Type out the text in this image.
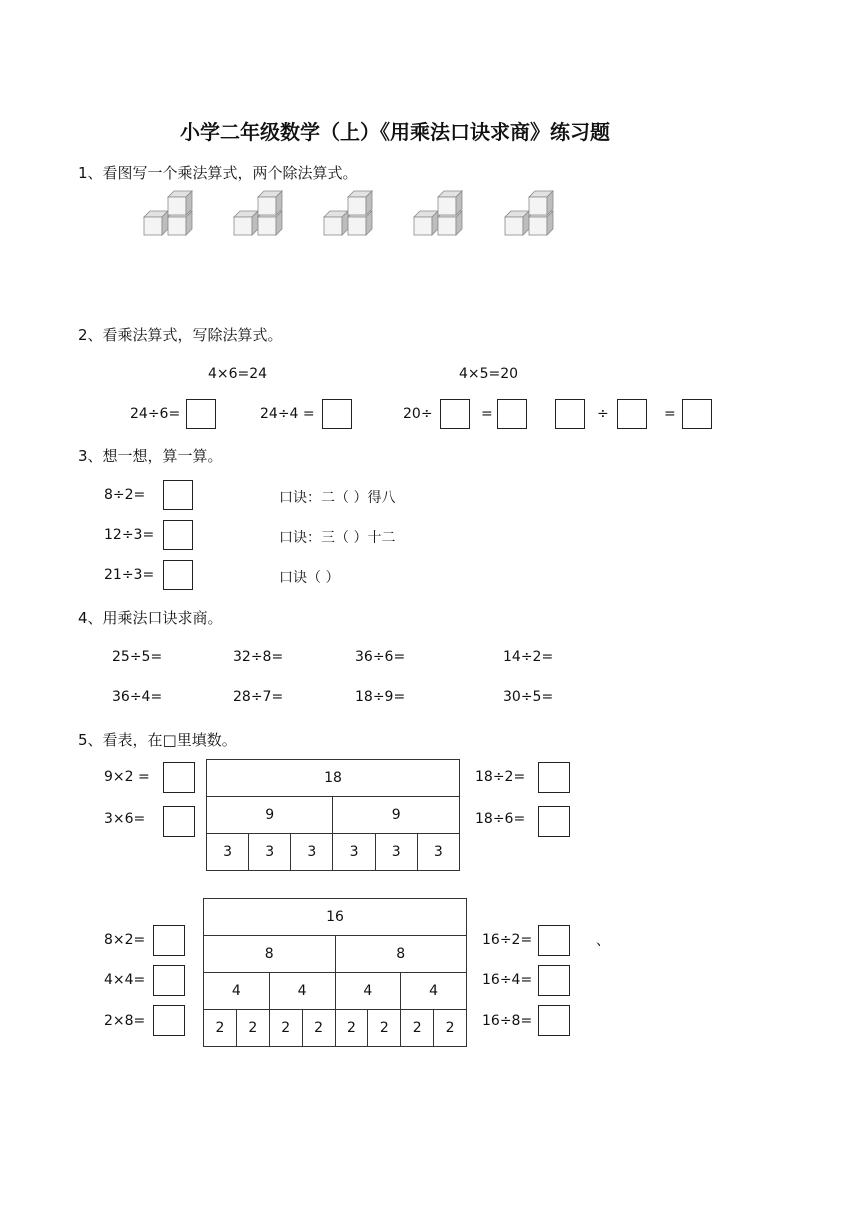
小学二年级数学（上）《用乘法口诀求商》练习题
1、看图写一个乘法算式，两个除法算式。
2、看乘法算式，写除法算式。
4×6=24	4×5=20
24÷6=	24÷4 =	20÷	=	÷	=
3、想一想，算一算。
8÷2=	口诀：二（ ）得八
12÷3=	口诀：三（ ）十二
21÷3=	口诀（ ）
4、用乘法口诀求商。
25÷5=	32÷8=	36÷6=	14÷2=
36÷4=	28÷7=	18÷9=	30÷5=
5、看表，在□里填数。
9×2 =
3×6=
18					
9			9		
3	3	3	3	3	3
18÷2=
18÷6=
16							
8				8			
4		4		4		4	
2	2	2	2	2	2	2	2
8×2=
4×4=
2×8=
16÷2=	、
16÷4=
16÷8=
